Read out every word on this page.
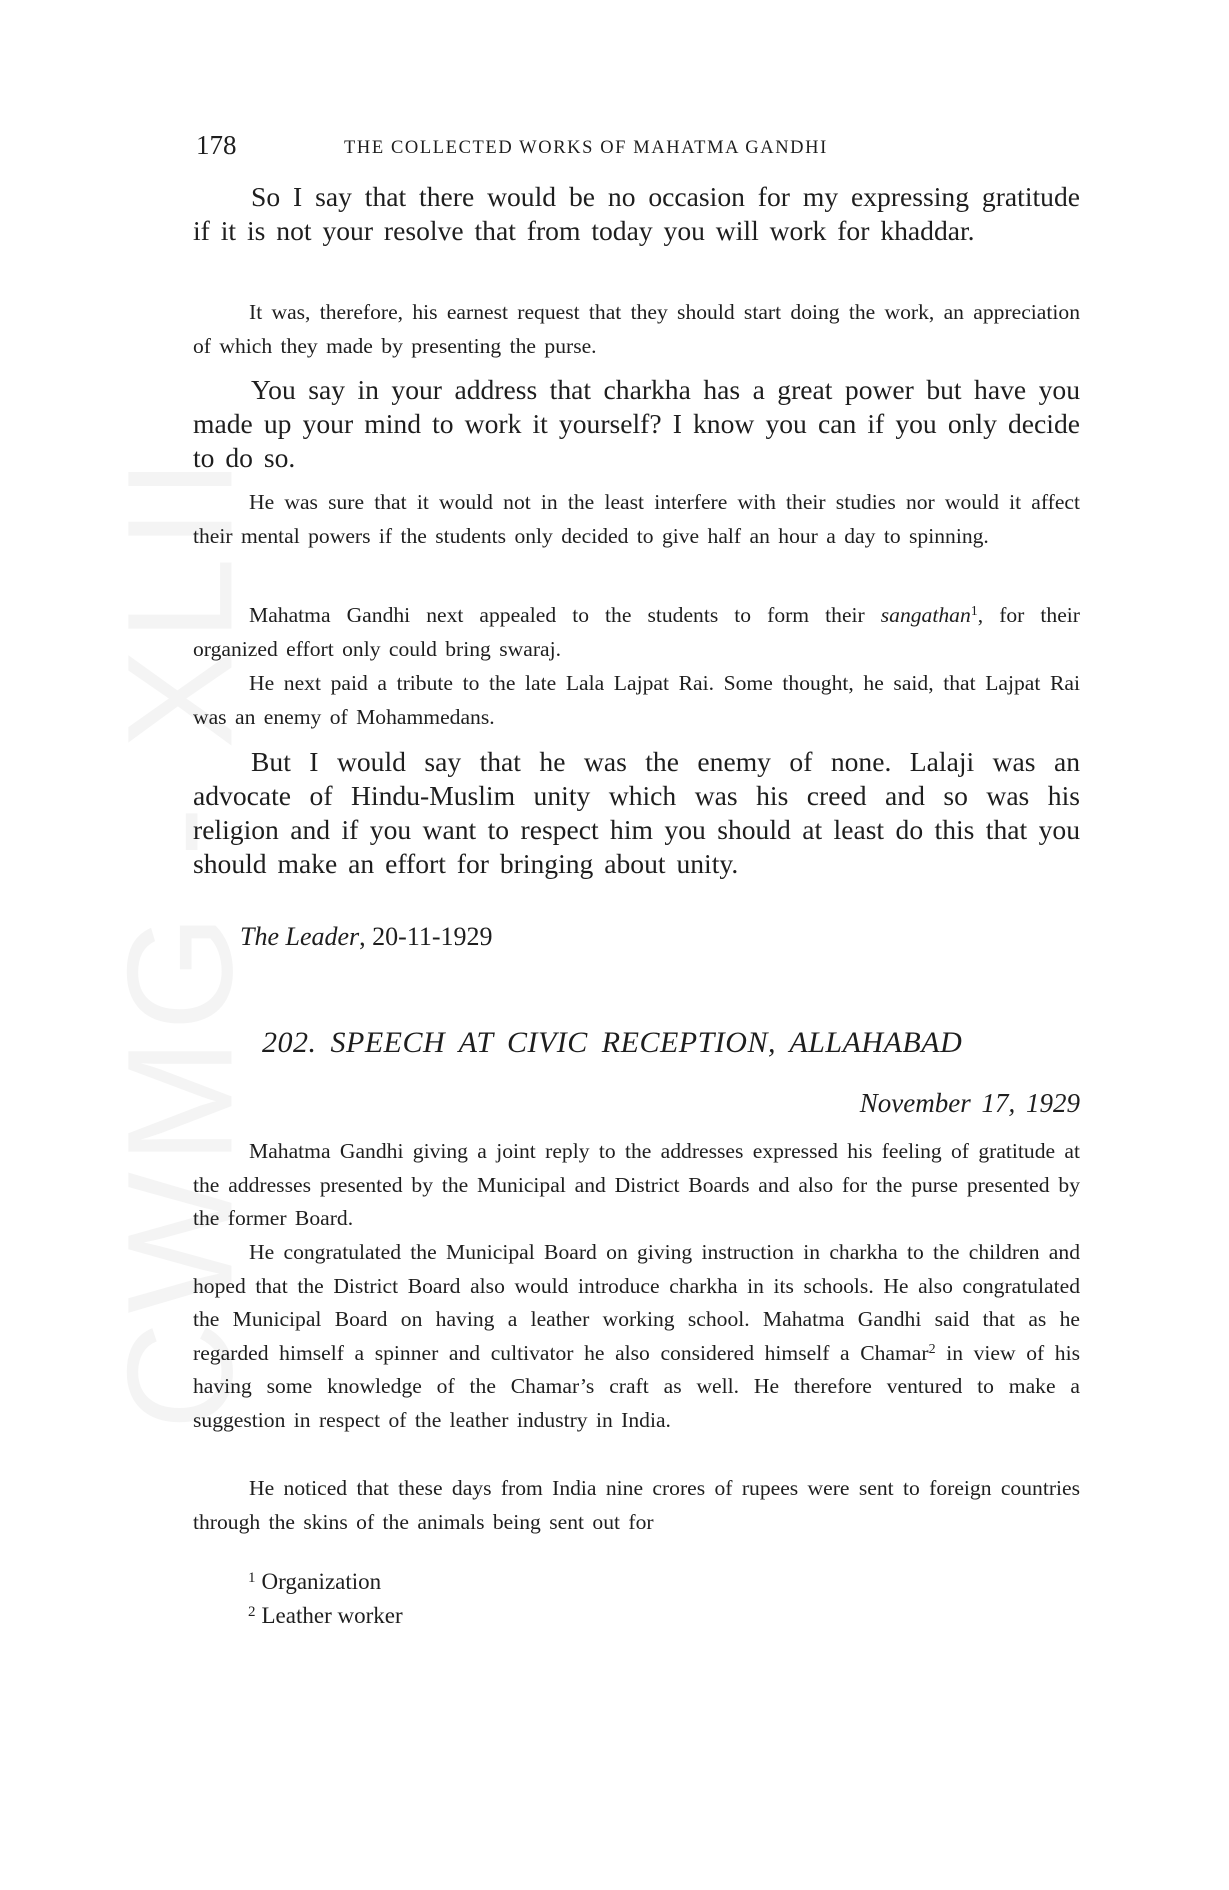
178	THE COLLECTED WORKS OF MAHATMA GANDHI

So I say that there would be no occasion for my expressing gratitude if it is not your resolve that from today you will work for khaddar.

It was, therefore, his earnest request that they should start doing the work, an appreciation of which they made by presenting the purse.

You say in your address that charkha has a great power but have you made up your mind to work it yourself? I know you can if you only decide to do so.

He was sure that it would not in the least interfere with their studies nor would it affect their mental powers if the students only decided to give half an hour a day to spinning.

Mahatma Gandhi next appealed to the students to form their sangathan$^1$, for their organized effort only could bring swaraj.

He next paid a tribute to the late Lala Lajpat Rai. Some thought, he said, that Lajpat Rai was an enemy of Mohammedans.

But I would say that he was the enemy of none. Lalaji was an advocate of Hindu-Muslim unity which was his creed and so was his religion and if you want to respect him you should at least do this that you should make an effort for bringing about unity.

The Leader, 20-11-1929
202. SPEECH AT CIVIC RECEPTION, ALLAHABAD
November 17, 1929

Mahatma Gandhi giving a joint reply to the addresses expressed his feeling of gratitude at the addresses presented by the Municipal and District Boards and also for the purse presented by the former Board.

He congratulated the Municipal Board on giving instruction in charkha to the children and hoped that the District Board also would introduce charkha in its schools. He also congratulated the Municipal Board on having a leather working school. Mahatma Gandhi said that as he regarded himself a spinner and cultivator he also considered himself a Chamar$^2$ in view of his having some knowledge of the Chamar’s craft as well. He therefore ventured to make a suggestion in respect of the leather industry in India.

He noticed that these days from India nine crores of rupees were sent to foreign countries through the skins of the animals being sent out for

$^1$ Organization
$^2$ Leather worker
